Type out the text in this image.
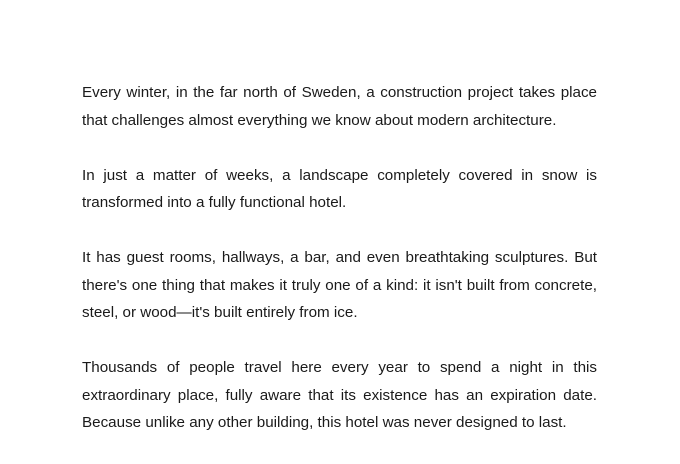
Every winter, in the far north of Sweden, a construction project takes place that challenges almost everything we know about modern architecture.

In just a matter of weeks, a landscape completely covered in snow is transformed into a fully functional hotel.

It has guest rooms, hallways, a bar, and even breathtaking sculptures. But there's one thing that makes it truly one of a kind: it isn't built from concrete, steel, or wood—it's built entirely from ice.

Thousands of people travel here every year to spend a night in this extraordinary place, fully aware that its existence has an expiration date. Because unlike any other building, this hotel was never designed to last.
